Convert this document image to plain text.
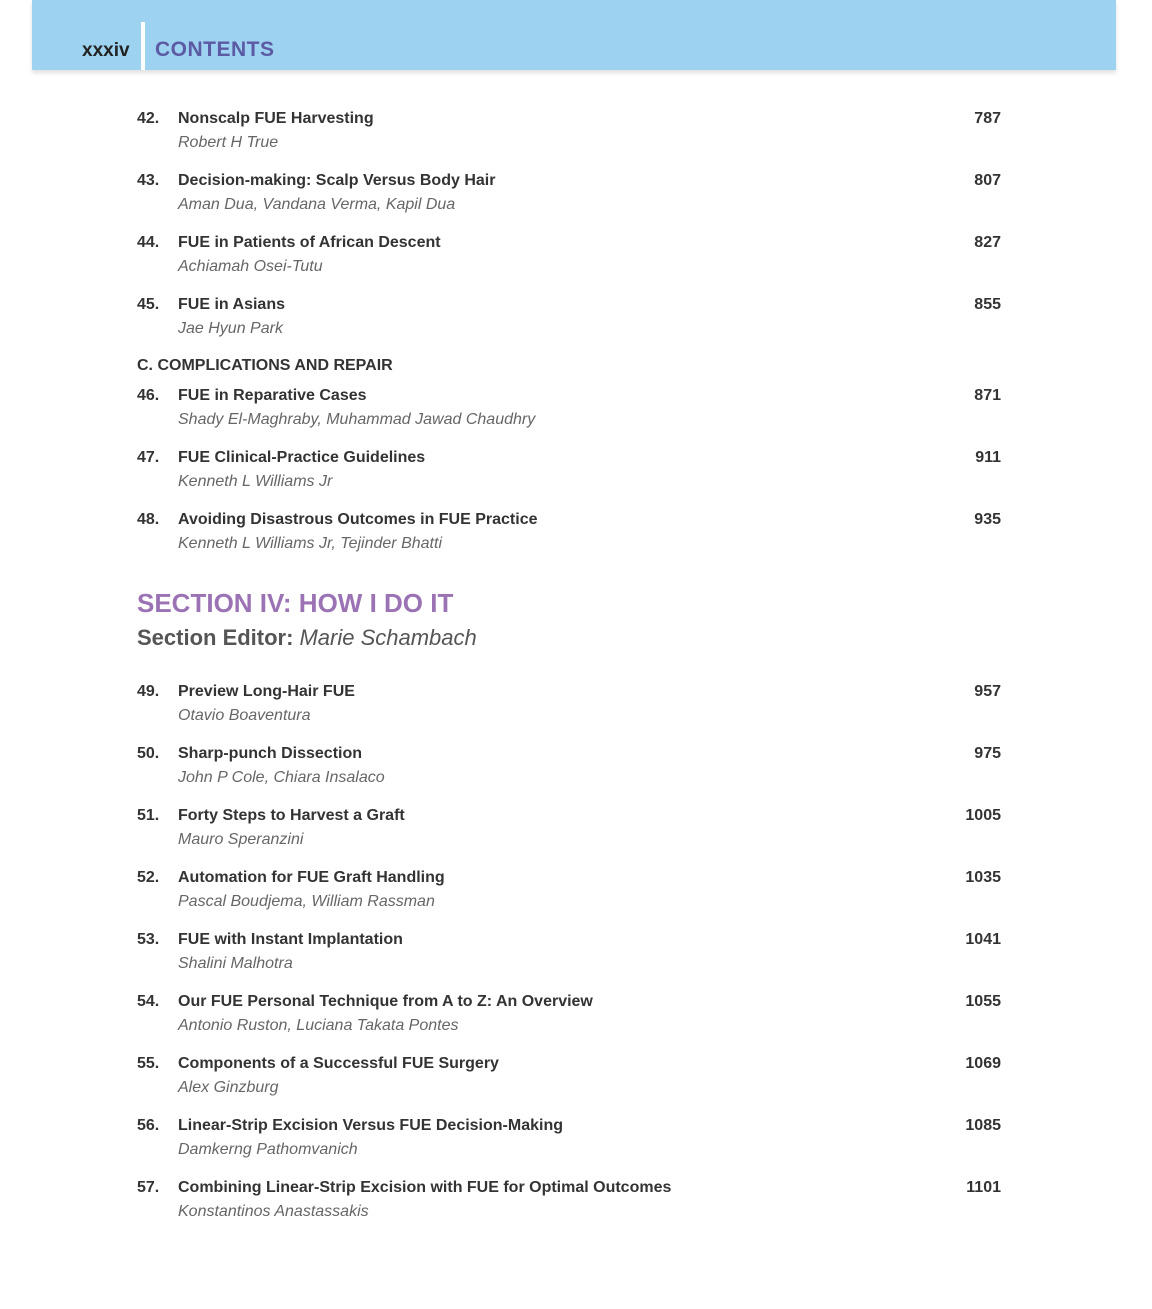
xxxiv CONTENTS
42. Nonscalp FUE Harvesting	787
Robert H True
43. Decision-making: Scalp Versus Body Hair	807
Aman Dua, Vandana Verma, Kapil Dua
44. FUE in Patients of African Descent	827
Achiamah Osei-Tutu
45. FUE in Asians	855
Jae Hyun Park
C. COMPLICATIONS AND REPAIR
46. FUE in Reparative Cases	871
Shady El-Maghraby, Muhammad Jawad Chaudhry
47. FUE Clinical-Practice Guidelines	911
Kenneth L Williams Jr
48. Avoiding Disastrous Outcomes in FUE Practice	935
Kenneth L Williams Jr, Tejinder Bhatti
SECTION IV: HOW I DO IT
Section Editor: Marie Schambach
49. Preview Long-Hair FUE	957
Otavio Boaventura
50. Sharp-punch Dissection	975
John P Cole, Chiara Insalaco
51. Forty Steps to Harvest a Graft	1005
Mauro Speranzini
52. Automation for FUE Graft Handling	1035
Pascal Boudjema, William Rassman
53. FUE with Instant Implantation	1041
Shalini Malhotra
54. Our FUE Personal Technique from A to Z: An Overview	1055
Antonio Ruston, Luciana Takata Pontes
55. Components of a Successful FUE Surgery	1069
Alex Ginzburg
56. Linear-Strip Excision Versus FUE Decision-Making	1085
Damkerng Pathomvanich
57. Combining Linear-Strip Excision with FUE for Optimal Outcomes	1101
Konstantinos Anastassakis
